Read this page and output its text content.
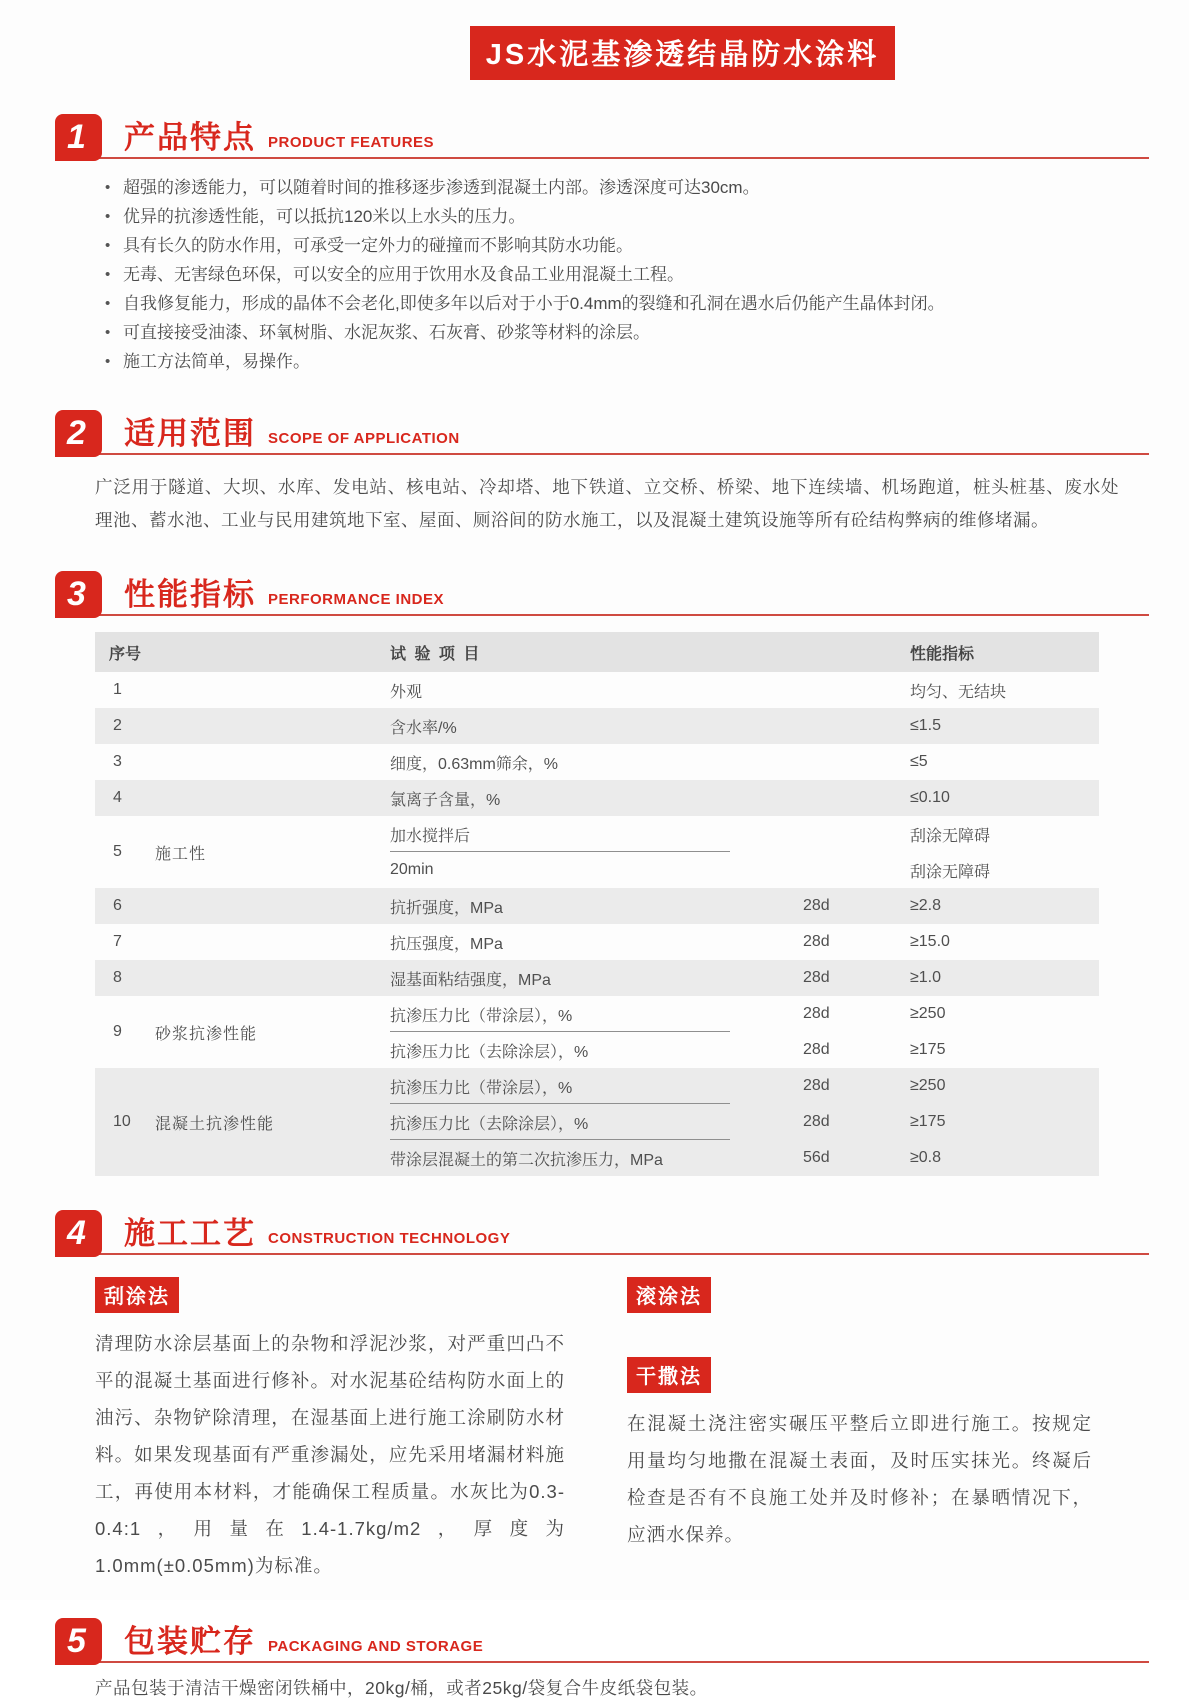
JS水泥基渗透结晶防水涂料
1	产品特点 PRODUCT FEATURES
• 超强的渗透能力，可以随着时间的推移逐步渗透到混凝土内部。渗透深度可达30cm。
• 优异的抗渗透性能，可以抵抗120米以上水头的压力。
• 具有长久的防水作用，可承受一定外力的碰撞而不影响其防水功能。
• 无毒、无害绿色环保，可以安全的应用于饮用水及食品工业用混凝土工程。
• 自我修复能力，形成的晶体不会老化,即使多年以后对于小于0.4mm的裂缝和孔洞在遇水后仍能产生晶体封闭。
• 可直接接受油漆、环氧树脂、水泥灰浆、石灰膏、砂浆等材料的涂层。
• 施工方法简单，易操作。
2	适用范围 SCOPE OF APPLICATION

广泛用于隧道、大坝、水库、发电站、核电站、冷却塔、地下铁道、立交桥、桥梁、地下连续墙、机场跑道，桩头桩基、废水处理池、蓄水池、工业与民用建筑地下室、屋面、厕浴间的防水施工，以及混凝土建筑设施等所有砼结构弊病的维修堵漏。

3	性能指标 PERFORMANCE INDEX
序号	试 验 项 目	性能指标
1	外观	均匀、无结块
2	含水率/%	≤1.5
3	细度，0.63mm筛余，%	≤5
4	氯离子含量，%	≤0.10
5	施工性
加水搅拌后	刮涂无障碍
20min	刮涂无障碍
6	抗折强度，MPa	28d	≥2.8
7	抗压强度，MPa	28d	≥15.0
8	湿基面粘结强度，MPa	28d	≥1.0
9	砂浆抗渗性能
抗渗压力比（带涂层），%	28d	≥250
抗渗压力比（去除涂层），%	28d	≥175
10	混凝土抗渗性能
抗渗压力比（带涂层），%	28d	≥250
抗渗压力比（去除涂层），%	28d	≥175
带涂层混凝土的第二次抗渗压力，MPa	56d	≥0.8
4	施工工艺 CONSTRUCTION TECHNOLOGY
刮涂法

清理防水涂层基面上的杂物和浮泥沙浆，对严重凹凸不平的混凝土基面进行修补。对水泥基砼结构防水面上的油污、杂物铲除清理，在湿基面上进行施工涂刷防水材料。如果发现基面有严重渗漏处，应先采用堵漏材料施工，再使用本材料，才能确保工程质量。水灰比为0.3-0.4:1，用量在1.4-1.7kg/m2，厚度为1.0mm(±0.05mm)为标准。

滚涂法
干撒法

在混凝土浇注密实碾压平整后立即进行施工。按规定用量均匀地撒在混凝土表面，及时压实抹光。终凝后检查是否有不良施工处并及时修补；在暴晒情况下，应洒水保养。

5	包装贮存 PACKAGING AND STORAGE

产品包装于清洁干燥密闭铁桶中，20kg/桶，或者25kg/袋复合牛皮纸袋包装。
